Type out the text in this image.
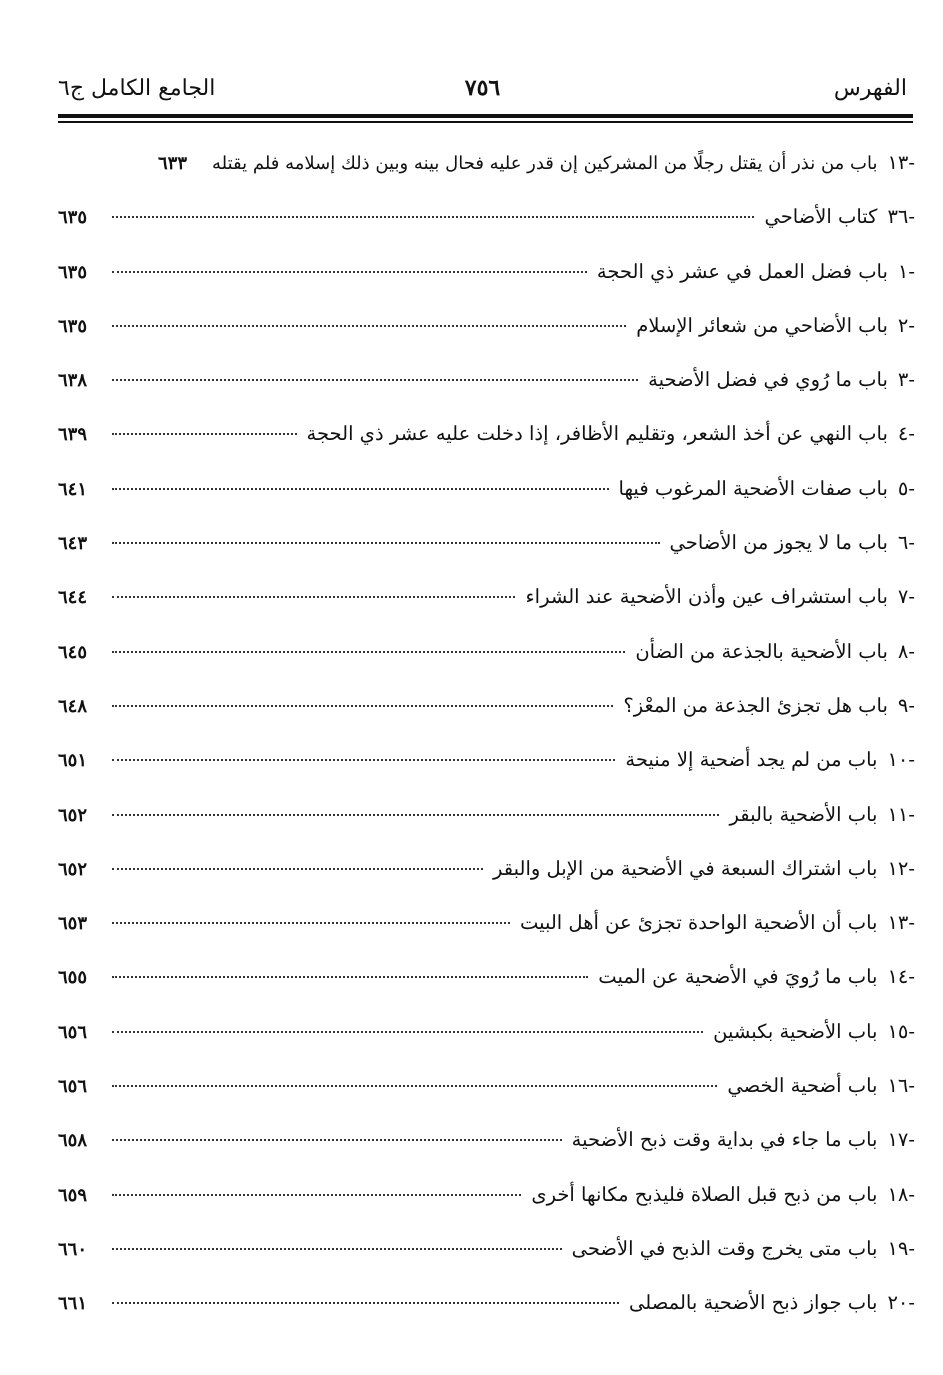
الفهرس
٧٥٦
الجامع الكامل ج٦
-١٣
باب من نذر أن يقتل رجلًا من المشركين إن قدر عليه فحال بينه وبين ذلك إسلامه فلم يقتله
٦٣٣
-٣٦
كتاب الأضاحي
٦٣٥
-١
باب فضل العمل في عشر ذي الحجة
٦٣٥
-٢
باب الأضاحي من شعائر الإسلام
٦٣٥
-٣
باب ما رُوي في فضل الأضحية
٦٣٨
-٤
باب النهي عن أخذ الشعر، وتقليم الأظافر، إذا دخلت عليه عشر ذي الحجة
٦٣٩
-٥
باب صفات الأضحية المرغوب فيها
٦٤١
-٦
باب ما لا يجوز من الأضاحي
٦٤٣
-٧
باب استشراف عين وأذن الأضحية عند الشراء
٦٤٤
-٨
باب الأضحية بالجذعة من الضأن
٦٤٥
-٩
باب هل تجزئ الجذعة من المعْز؟
٦٤٨
-١٠
باب من لم يجد أضحية إلا منيحة
٦٥١
-١١
باب الأضحية بالبقر
٦٥٢
-١٢
باب اشتراك السبعة في الأضحية من الإبل والبقر
٦٥٢
-١٣
باب أن الأضحية الواحدة تجزئ عن أهل البيت
٦٥٣
-١٤
باب ما رُويَ في الأضحية عن الميت
٦٥٥
-١٥
باب الأضحية بكبشين
٦٥٦
-١٦
باب أضحية الخصي
٦٥٦
-١٧
باب ما جاء في بداية وقت ذبح الأضحية
٦٥٨
-١٨
باب من ذبح قبل الصلاة فليذبح مكانها أخرى
٦٥٩
-١٩
باب متى يخرج وقت الذبح في الأضحى
٦٦٠
-٢٠
باب جواز ذبح الأضحية بالمصلى
٦٦١
